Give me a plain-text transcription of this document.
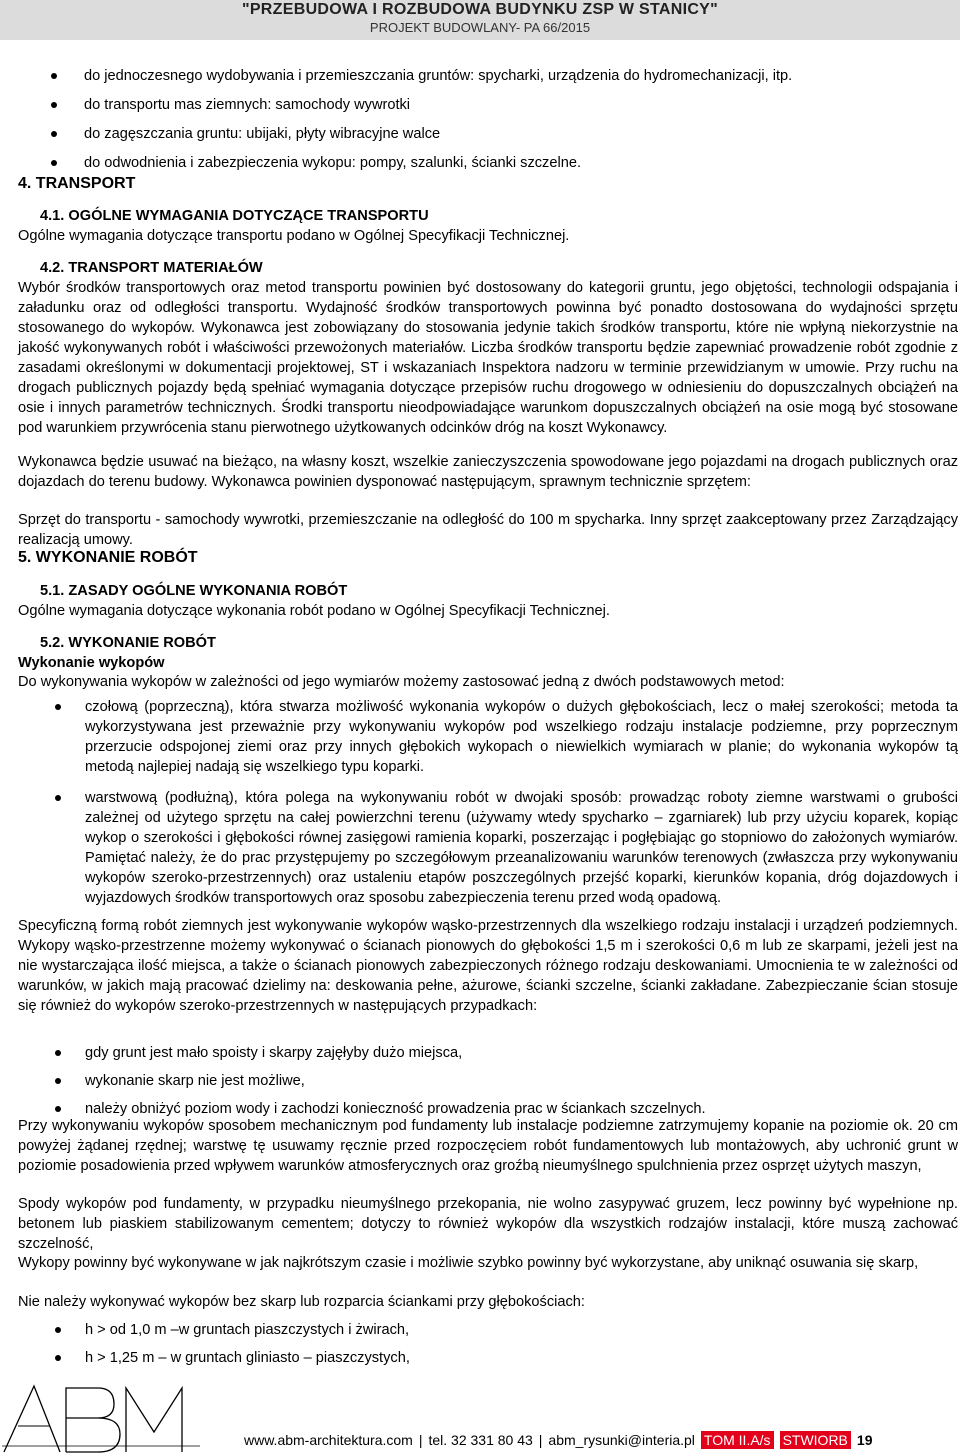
"PRZEBUDOWA I ROZBUDOWA BUDYNKU ZSP W STANICY"
PROJEKT BUDOWLANY- PA 66/2015
do jednoczesnego wydobywania i przemieszczania gruntów: spycharki, urządzenia do hydromechanizacji, itp.
do transportu mas ziemnych: samochody wywrotki
do zagęszczania gruntu: ubijaki, płyty wibracyjne walce
do odwodnienia i zabezpieczenia wykopu: pompy, szalunki, ścianki szczelne.
4. TRANSPORT
4.1. OGÓLNE WYMAGANIA DOTYCZĄCE TRANSPORTU
Ogólne wymagania dotyczące transportu podano w Ogólnej Specyfikacji Technicznej.
4.2. TRANSPORT MATERIAŁÓW
Wybór środków transportowych oraz metod transportu powinien być dostosowany do kategorii gruntu, jego objętości, technologii odspajania i załadunku oraz od odległości transportu. Wydajność środków transportowych powinna być ponadto dostosowana do wydajności sprzętu stosowanego do wykopów. Wykonawca jest zobowiązany do stosowania jedynie takich środków transportu, które nie wpłyną niekorzystnie na jakość wykonywanych robót i właściwości przewożonych materiałów. Liczba środków transportu będzie zapewniać prowadzenie robót zgodnie z zasadami określonymi w dokumentacji projektowej, ST i wskazaniach Inspektora nadzoru w terminie przewidzianym w umowie. Przy ruchu na drogach publicznych pojazdy będą spełniać wymagania dotyczące przepisów ruchu drogowego w odniesieniu do dopuszczalnych obciążeń na osie i innych parametrów technicznych. Środki transportu nieodpowiadające warunkom dopuszczalnych obciążeń na osie mogą być stosowane pod warunkiem przywrócenia stanu pierwotnego użytkowanych odcinków dróg na koszt Wykonawcy.
Wykonawca będzie usuwać na bieżąco, na własny koszt, wszelkie zanieczyszczenia spowodowane jego pojazdami na drogach publicznych oraz dojazdach do terenu budowy. Wykonawca powinien dysponować następującym, sprawnym technicznie sprzętem:
Sprzęt do transportu - samochody wywrotki, przemieszczanie na odległość do 100 m spycharka. Inny sprzęt zaakceptowany przez Zarządzający realizacją umowy.
5. WYKONANIE ROBÓT
5.1. ZASADY OGÓLNE WYKONANIA ROBÓT
Ogólne wymagania dotyczące wykonania robót podano w Ogólnej Specyfikacji Technicznej.
5.2. WYKONANIE ROBÓT
Wykonanie wykopów
Do wykonywania wykopów w zależności od jego wymiarów możemy zastosować jedną z dwóch podstawowych metod:
czołową (poprzeczną), która stwarza możliwość wykonania wykopów o dużych głębokościach, lecz o małej szerokości; metoda ta wykorzystywana jest przeważnie przy wykonywaniu wykopów pod wszelkiego rodzaju instalacje podziemne, przy poprzecznym przerzucie odspojonej ziemi oraz przy innych głębokich wykopach o niewielkich wymiarach w planie; do wykonania wykopów tą metodą najlepiej nadają się wszelkiego typu koparki.
warstwową (podłużną), która polega na wykonywaniu robót w dwojaki sposób: prowadząc roboty ziemne warstwami o grubości zależnej od użytego sprzętu na całej powierzchni terenu (używamy wtedy spycharko – zgarniarek) lub przy użyciu koparek, kopiąc wykop o szerokości i głębokości równej zasięgowi ramienia koparki, poszerzając i pogłębiając go stopniowo do założonych wymiarów. Pamiętać należy, że do prac przystępujemy po szczegółowym przeanalizowaniu warunków terenowych (zwłaszcza przy wykonywaniu wykopów szeroko-przestrzennych) oraz ustaleniu etapów poszczególnych przejść koparki, kierunków kopania, dróg dojazdowych i wyjazdowych środków transportowych oraz sposobu zabezpieczenia terenu przed wodą opadową.
Specyficzną formą robót ziemnych jest wykonywanie wykopów wąsko-przestrzennych dla wszelkiego rodzaju instalacji i urządzeń podziemnych. Wykopy wąsko-przestrzenne możemy wykonywać o ścianach pionowych do głębokości 1,5 m i szerokości 0,6 m lub ze skarpami, jeżeli jest na nie wystarczająca ilość miejsca, a także o ścianach pionowych zabezpieczonych różnego rodzaju deskowaniami. Umocnienia te w zależności od warunków, w jakich mają pracować dzielimy na: deskowania pełne, ażurowe, ścianki szczelne, ścianki zakładane. Zabezpieczanie ścian stosuje się również do wykopów szeroko-przestrzennych w następujących przypadkach:
gdy grunt jest mało spoisty i skarpy zajęłyby dużo miejsca,
wykonanie skarp nie jest możliwe,
należy obniżyć poziom wody i zachodzi konieczność prowadzenia prac w ściankach szczelnych.
Przy wykonywaniu wykopów sposobem mechanicznym pod fundamenty lub instalacje podziemne zatrzymujemy kopanie na poziomie ok. 20 cm powyżej żądanej rzędnej; warstwę tę usuwamy ręcznie przed rozpoczęciem robót fundamentowych lub montażowych, aby uchronić grunt w poziomie posadowienia przed wpływem warunków atmosferycznych oraz groźbą nieumyślnego spulchnienia przez osprzęt użytych maszyn,
Spody wykopów pod fundamenty, w przypadku nieumyślnego przekopania, nie wolno zasypywać gruzem, lecz powinny być wypełnione np. betonem lub piaskiem stabilizowanym cementem; dotyczy to również wykopów dla wszystkich rodzajów instalacji, które muszą zachować szczelność,
Wykopy powinny być wykonywane w jak najkrótszym czasie i możliwie szybko powinny być wykorzystane, aby uniknąć osuwania się skarp,
Nie należy wykonywać wykopów bez skarp lub rozparcia ściankami przy głębokościach:
h > od 1,0 m –w gruntach piaszczystych i żwirach,
h > 1,25 m – w gruntach gliniasto – piaszczystych,
www.abm-architektura.com tel. 32 331 80 43 abm_rysunki@interia.pl TOM II.A/s STWIORB 19
|	|
